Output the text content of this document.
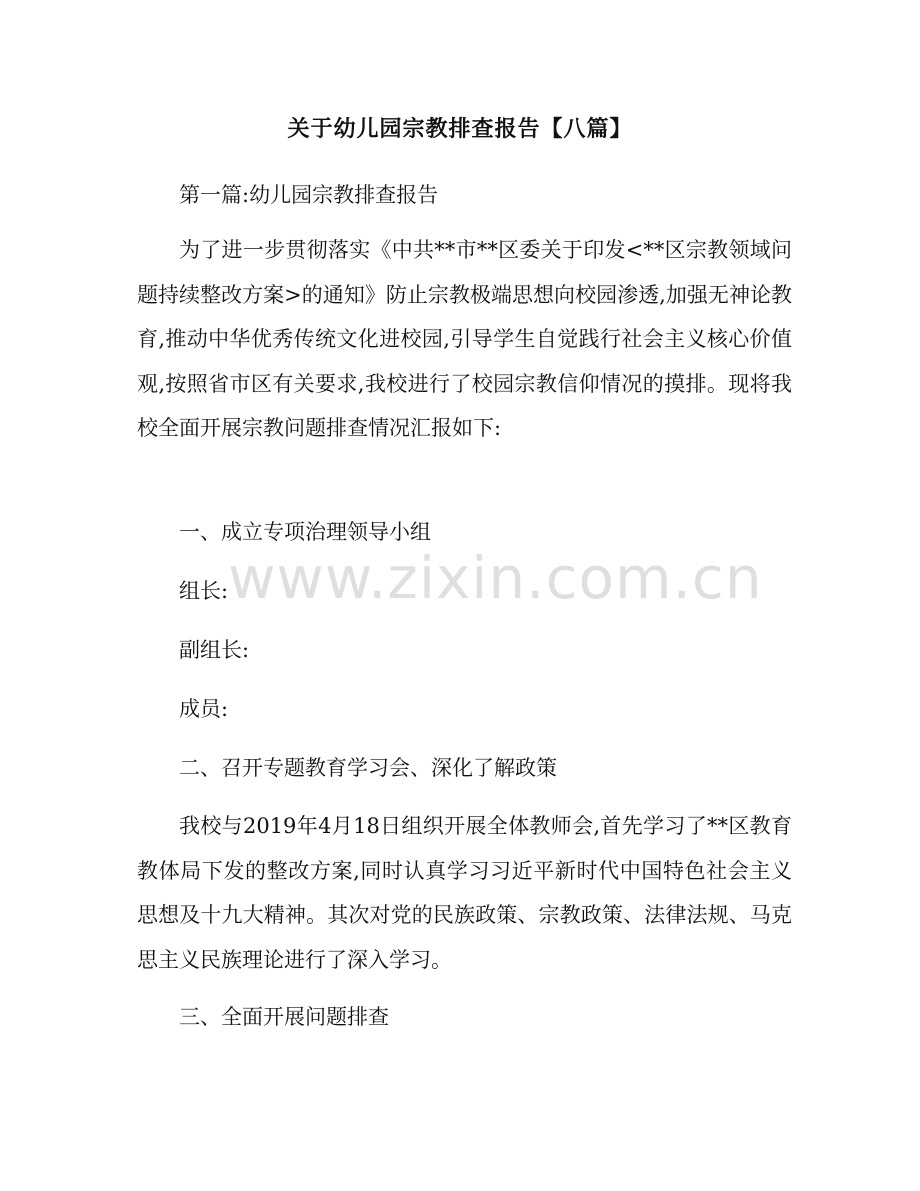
关于幼儿园宗教排查报告【八篇】

第一篇:幼儿园宗教排查报告

为了进一步贯彻落实《中共**市**区委关于印发<**区宗教领域问题持续整改方案>的通知》防止宗教极端思想向校园渗透,加强无神论教育,推动中华优秀传统文化进校园,引导学生自觉践行社会主义核心价值观,按照省市区有关要求,我校进行了校园宗教信仰情况的摸排。现将我校全面开展宗教问题排查情况汇报如下:

一、成立专项治理领导小组

组长:

副组长:

成员:

二、召开专题教育学习会、深化了解政策

我校与2019年4月18日组织开展全体教师会,首先学习了**区教育教体局下发的整改方案,同时认真学习习近平新时代中国特色社会主义思想及十九大精神。其次对党的民族政策、宗教政策、法律法规、马克思主义民族理论进行了深入学习。

三、全面开展问题排查

www.zixin.com.cn
